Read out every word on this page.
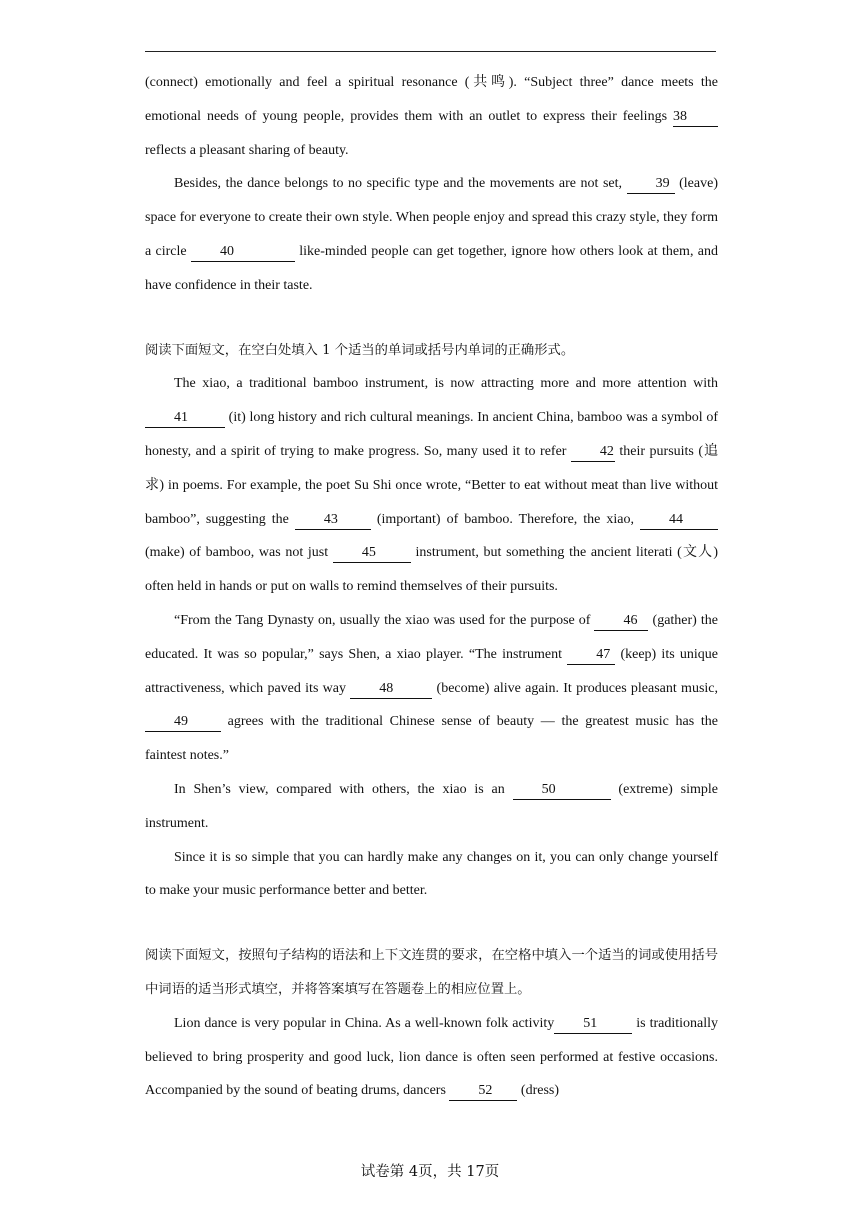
(connect) emotionally and feel a spiritual resonance (共鸣). “Subject three” dance meets the emotional needs of young people, provides them with an outlet to express their feelings 38 reflects a pleasant sharing of beauty.

Besides, the dance belongs to no specific type and the movements are not set, 39 (leave) space for everyone to create their own style. When people enjoy and spread this crazy style, they form a circle 40	like-minded people can get together, ignore how others look at them, and have confidence in their taste.

阅读下面短文，在空白处填入 1 个适当的单词或括号内单词的正确形式。

The xiao, a traditional bamboo instrument, is now attracting more and more attention with 41	(it) long history and rich cultural meanings. In ancient China, bamboo was a symbol of honesty, and a spirit of trying to make progress. So, many used it to refer 42 their pursuits (追求) in poems. For example, the poet Su Shi once wrote, “Better to eat without meat than live without bamboo”, suggesting the 43 (important) of bamboo. Therefore, the xiao, 44 (make) of bamboo, was not just 45	instrument, but something the ancient literati (文人) often held in hands or put on walls to remind themselves of their pursuits.

“From the Tang Dynasty on, usually the xiao was used for the purpose of 46 (gather) the educated. It was so popular,” says Shen, a xiao player. “The instrument 47 (keep) its unique attractiveness, which paved its way 48	(become) alive again. It produces pleasant music, 49 agrees with the traditional Chinese sense of beauty — the greatest music has the faintest notes.”

In Shen’s view, compared with others, the xiao is an 50	(extreme) simple instrument.

Since it is so simple that you can hardly make any changes on it, you can only change yourself to make your music performance better and better.

阅读下面短文，按照句子结构的语法和上下文连贯的要求，在空格中填入一个适当的词或使用括号中词语的适当形式填空，并将答案填写在答题卷上的相应位置上。

Lion dance is very popular in China. As a well-known folk activity 51	is traditionally believed to bring prosperity and good luck, lion dance is often seen performed at festive occasions. Accompanied by the sound of beating drums, dancers 52 (dress)

试卷第 4页，共 17页
